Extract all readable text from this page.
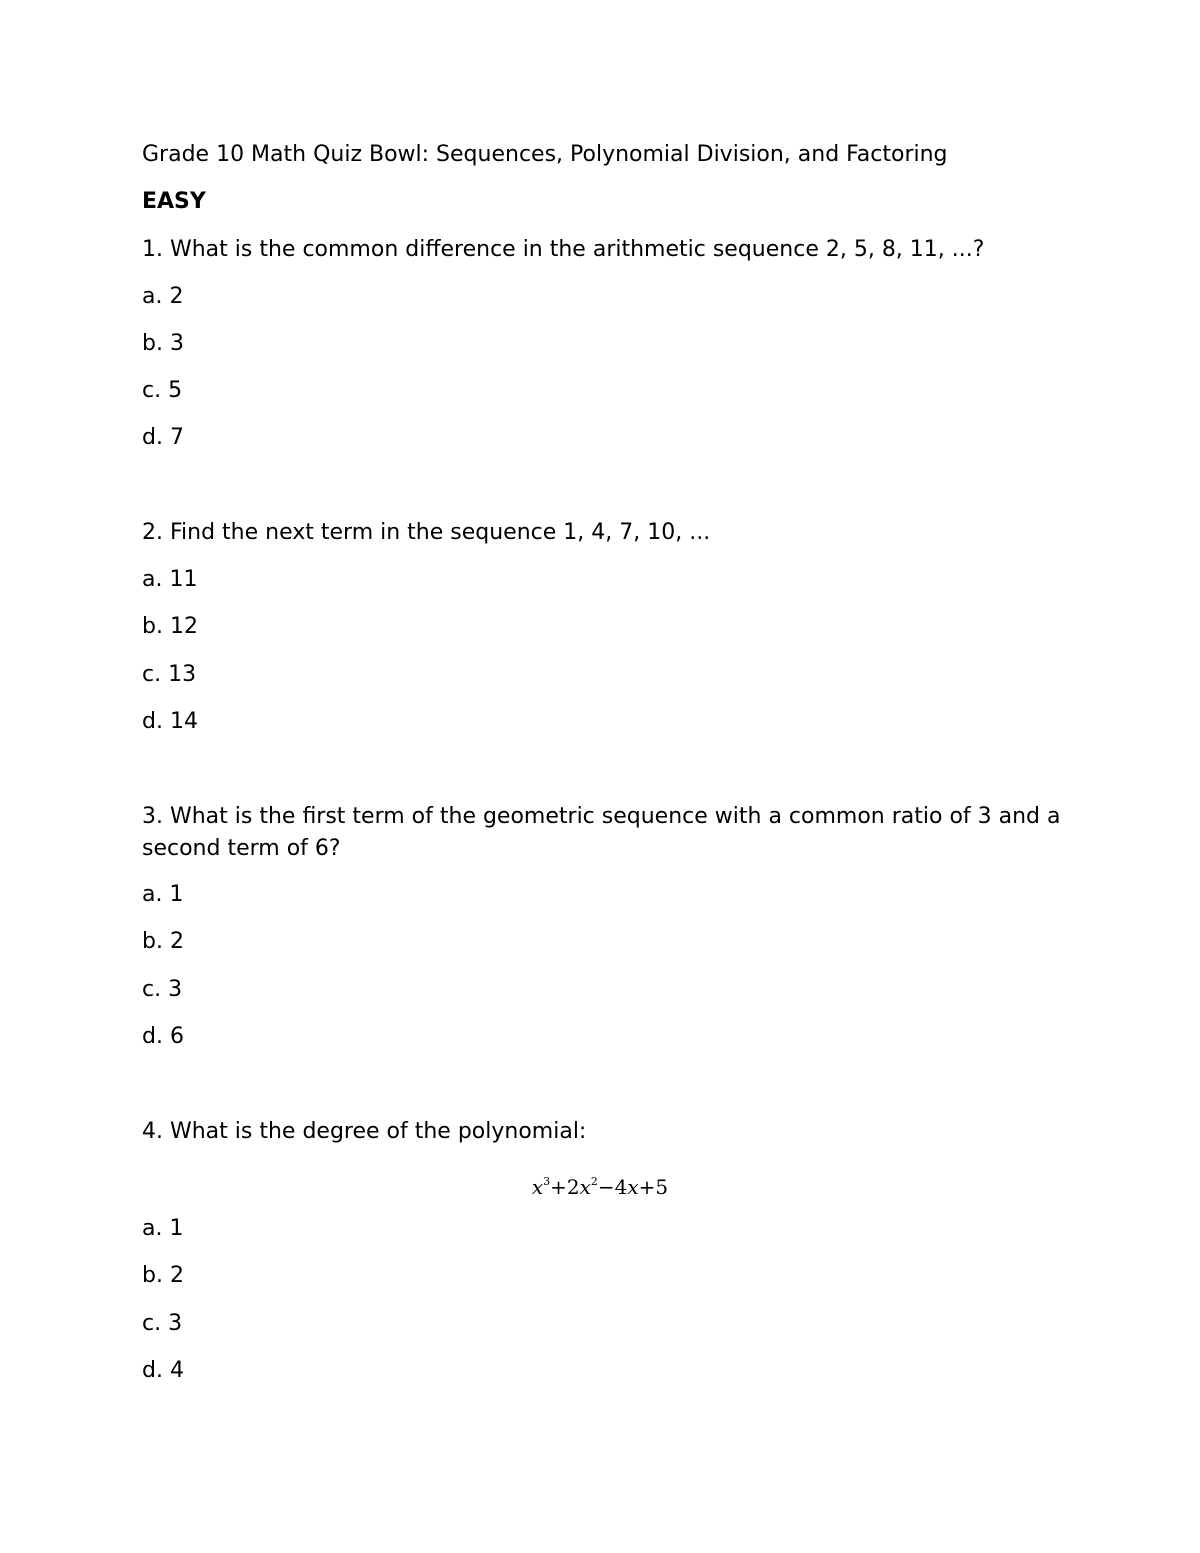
Grade 10 Math Quiz Bowl: Sequences, Polynomial Division, and Factoring
EASY
1. What is the common difference in the arithmetic sequence 2, 5, 8, 11, ...?
a. 2
b. 3
c. 5
d. 7
2. Find the next term in the sequence 1, 4, 7, 10, ...
a. 11
b. 12
c. 13
d. 14
3. What is the first term of the geometric sequence with a common ratio of 3 and a second term of 6?
a. 1
b. 2
c. 3
d. 6
4. What is the degree of the polynomial:
$x^3+2x^2-4x+5$
a. 1
b. 2
c. 3
d. 4
